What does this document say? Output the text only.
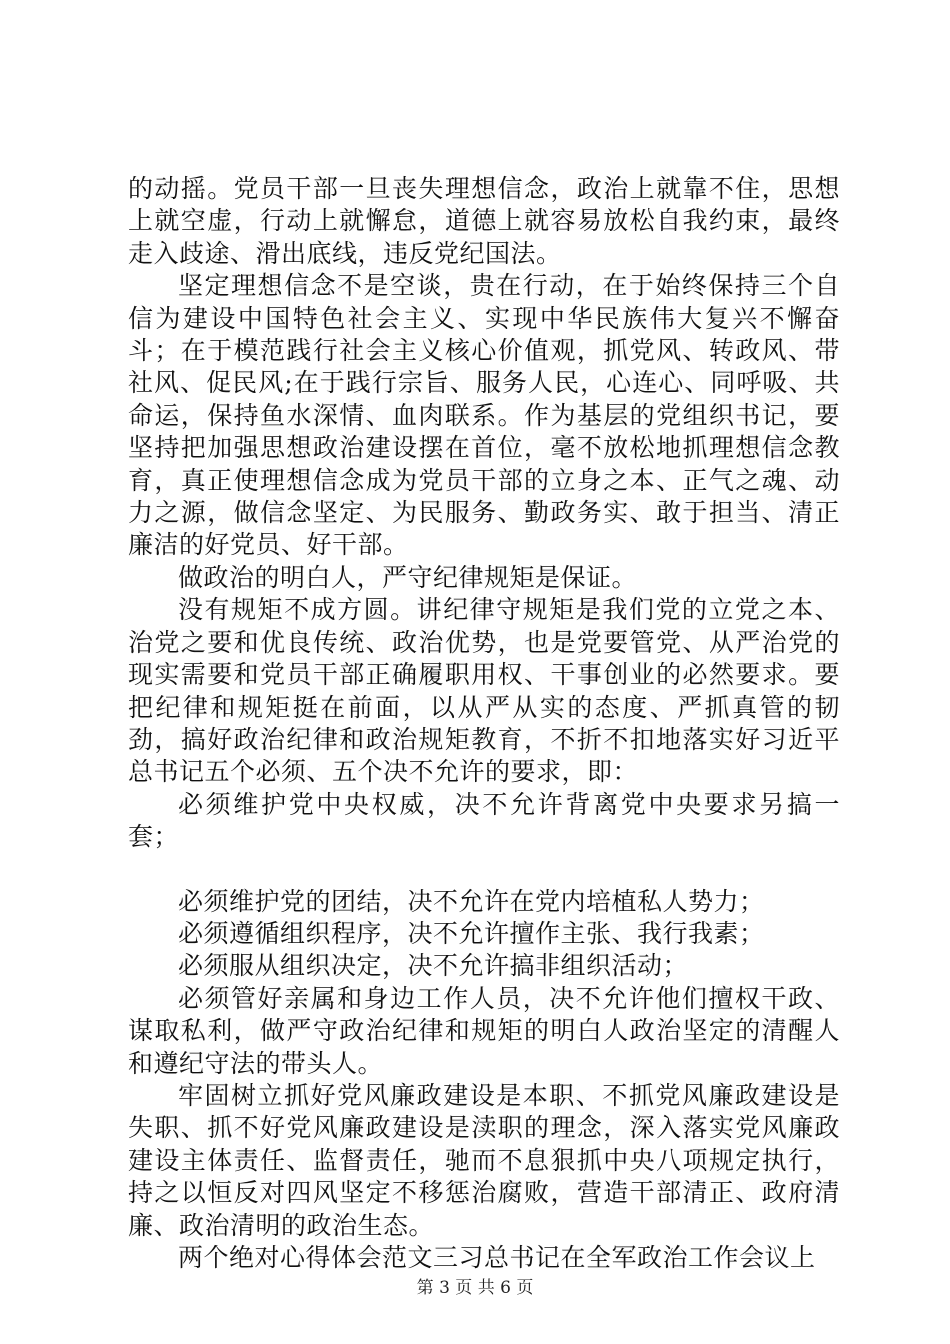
的动摇。党员干部一旦丧失理想信念，政治上就靠不住，思想上就空虚，行动上就懈怠，道德上就容易放松自我约束，最终走入歧途、滑出底线，违反党纪国法。

坚定理想信念不是空谈，贵在行动，在于始终保持三个自信为建设中国特色社会主义、实现中华民族伟大复兴不懈奋斗；在于模范践行社会主义核心价值观，抓党风、转政风、带社风、促民风;在于践行宗旨、服务人民，心连心、同呼吸、共命运，保持鱼水深情、血肉联系。作为基层的党组织书记，要坚持把加强思想政治建设摆在首位，毫不放松地抓理想信念教育，真正使理想信念成为党员干部的立身之本、正气之魂、动力之源，做信念坚定、为民服务、勤政务实、敢于担当、清正廉洁的好党员、好干部。

做政治的明白人，严守纪律规矩是保证。

没有规矩不成方圆。讲纪律守规矩是我们党的立党之本、治党之要和优良传统、政治优势，也是党要管党、从严治党的现实需要和党员干部正确履职用权、干事创业的必然要求。要把纪律和规矩挺在前面，以从严从实的态度、严抓真管的韧劲，搞好政治纪律和政治规矩教育，不折不扣地落实好习近平总书记五个必须、五个决不允许的要求，即：

必须维护党中央权威，决不允许背离党中央要求另搞一套；

必须维护党的团结，决不允许在党内培植私人势力；

必须遵循组织程序，决不允许擅作主张、我行我素；

必须服从组织决定，决不允许搞非组织活动；

必须管好亲属和身边工作人员，决不允许他们擅权干政、谋取私利，做严守政治纪律和规矩的明白人政治坚定的清醒人和遵纪守法的带头人。

牢固树立抓好党风廉政建设是本职、不抓党风廉政建设是失职、抓不好党风廉政建设是渎职的理念，深入落实党风廉政建设主体责任、监督责任，驰而不息狠抓中央八项规定执行，持之以恒反对四风坚定不移惩治腐败，营造干部清正、政府清廉、政治清明的政治生态。

两个绝对心得体会范文三习总书记在全军政治工作会议上

第 3 页 共 6 页
